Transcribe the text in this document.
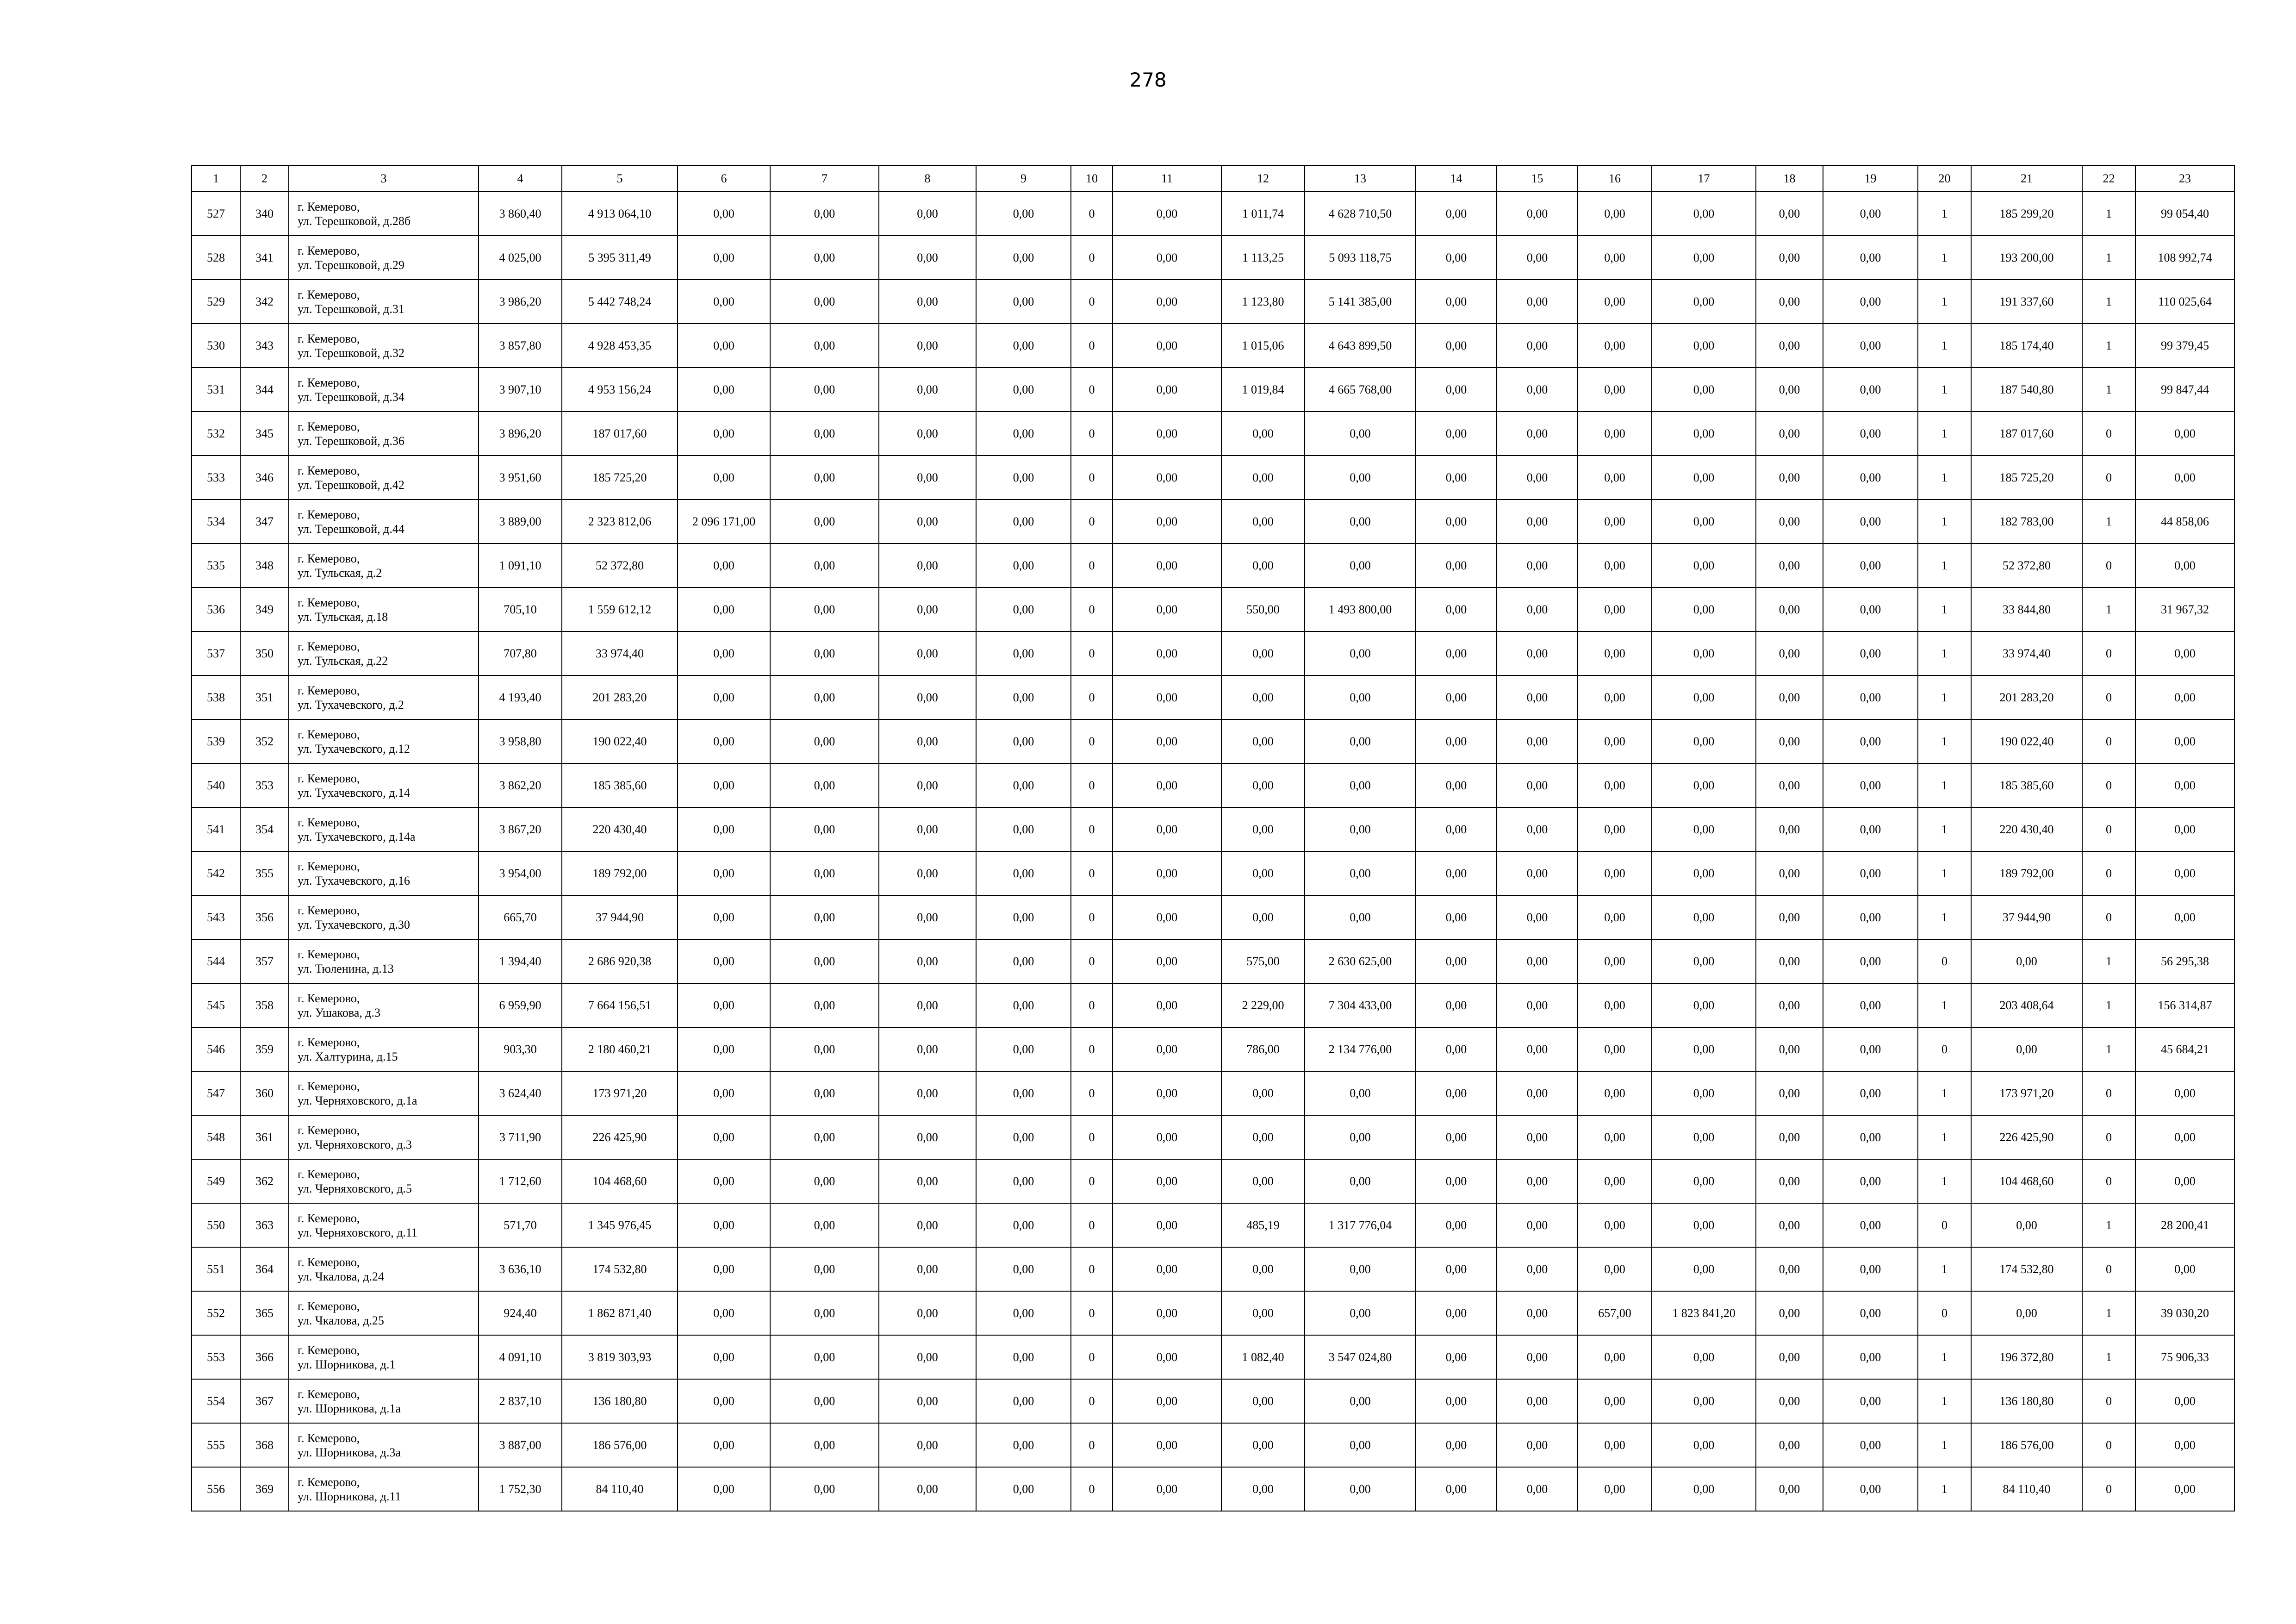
278
1	2	3	4	5	6	7	8	9	10	11	12	13	14	15	16	17	18	19	20	21	22	23
527	340	г. Кемерово,
ул. Терешковой, д.28б	3 860,40	4 913 064,10	0,00	0,00	0,00	0,00	0	0,00	1 011,74	4 628 710,50	0,00	0,00	0,00	0,00	0,00	0,00	1	185 299,20	1	99 054,40
528	341	г. Кемерово,
ул. Терешковой, д.29	4 025,00	5 395 311,49	0,00	0,00	0,00	0,00	0	0,00	1 113,25	5 093 118,75	0,00	0,00	0,00	0,00	0,00	0,00	1	193 200,00	1	108 992,74
529	342	г. Кемерово,
ул. Терешковой, д.31	3 986,20	5 442 748,24	0,00	0,00	0,00	0,00	0	0,00	1 123,80	5 141 385,00	0,00	0,00	0,00	0,00	0,00	0,00	1	191 337,60	1	110 025,64
530	343	г. Кемерово,
ул. Терешковой, д.32	3 857,80	4 928 453,35	0,00	0,00	0,00	0,00	0	0,00	1 015,06	4 643 899,50	0,00	0,00	0,00	0,00	0,00	0,00	1	185 174,40	1	99 379,45
531	344	г. Кемерово,
ул. Терешковой, д.34	3 907,10	4 953 156,24	0,00	0,00	0,00	0,00	0	0,00	1 019,84	4 665 768,00	0,00	0,00	0,00	0,00	0,00	0,00	1	187 540,80	1	99 847,44
532	345	г. Кемерово,
ул. Терешковой, д.36	3 896,20	187 017,60	0,00	0,00	0,00	0,00	0	0,00	0,00	0,00	0,00	0,00	0,00	0,00	0,00	0,00	1	187 017,60	0	0,00
533	346	г. Кемерово,
ул. Терешковой, д.42	3 951,60	185 725,20	0,00	0,00	0,00	0,00	0	0,00	0,00	0,00	0,00	0,00	0,00	0,00	0,00	0,00	1	185 725,20	0	0,00
534	347	г. Кемерово,
ул. Терешковой, д.44	3 889,00	2 323 812,06	2 096 171,00	0,00	0,00	0,00	0	0,00	0,00	0,00	0,00	0,00	0,00	0,00	0,00	0,00	1	182 783,00	1	44 858,06
535	348	г. Кемерово,
ул. Тульская, д.2	1 091,10	52 372,80	0,00	0,00	0,00	0,00	0	0,00	0,00	0,00	0,00	0,00	0,00	0,00	0,00	0,00	1	52 372,80	0	0,00
536	349	г. Кемерово,
ул. Тульская, д.18	705,10	1 559 612,12	0,00	0,00	0,00	0,00	0	0,00	550,00	1 493 800,00	0,00	0,00	0,00	0,00	0,00	0,00	1	33 844,80	1	31 967,32
537	350	г. Кемерово,
ул. Тульская, д.22	707,80	33 974,40	0,00	0,00	0,00	0,00	0	0,00	0,00	0,00	0,00	0,00	0,00	0,00	0,00	0,00	1	33 974,40	0	0,00
538	351	г. Кемерово,
ул. Тухачевского, д.2	4 193,40	201 283,20	0,00	0,00	0,00	0,00	0	0,00	0,00	0,00	0,00	0,00	0,00	0,00	0,00	0,00	1	201 283,20	0	0,00
539	352	г. Кемерово,
ул. Тухачевского, д.12	3 958,80	190 022,40	0,00	0,00	0,00	0,00	0	0,00	0,00	0,00	0,00	0,00	0,00	0,00	0,00	0,00	1	190 022,40	0	0,00
540	353	г. Кемерово,
ул. Тухачевского, д.14	3 862,20	185 385,60	0,00	0,00	0,00	0,00	0	0,00	0,00	0,00	0,00	0,00	0,00	0,00	0,00	0,00	1	185 385,60	0	0,00
541	354	г. Кемерово,
ул. Тухачевского, д.14а	3 867,20	220 430,40	0,00	0,00	0,00	0,00	0	0,00	0,00	0,00	0,00	0,00	0,00	0,00	0,00	0,00	1	220 430,40	0	0,00
542	355	г. Кемерово,
ул. Тухачевского, д.16	3 954,00	189 792,00	0,00	0,00	0,00	0,00	0	0,00	0,00	0,00	0,00	0,00	0,00	0,00	0,00	0,00	1	189 792,00	0	0,00
543	356	г. Кемерово,
ул. Тухачевского, д.30	665,70	37 944,90	0,00	0,00	0,00	0,00	0	0,00	0,00	0,00	0,00	0,00	0,00	0,00	0,00	0,00	1	37 944,90	0	0,00
544	357	г. Кемерово,
ул. Тюленина, д.13	1 394,40	2 686 920,38	0,00	0,00	0,00	0,00	0	0,00	575,00	2 630 625,00	0,00	0,00	0,00	0,00	0,00	0,00	0	0,00	1	56 295,38
545	358	г. Кемерово,
ул. Ушакова, д.3	6 959,90	7 664 156,51	0,00	0,00	0,00	0,00	0	0,00	2 229,00	7 304 433,00	0,00	0,00	0,00	0,00	0,00	0,00	1	203 408,64	1	156 314,87
546	359	г. Кемерово,
ул. Халтурина, д.15	903,30	2 180 460,21	0,00	0,00	0,00	0,00	0	0,00	786,00	2 134 776,00	0,00	0,00	0,00	0,00	0,00	0,00	0	0,00	1	45 684,21
547	360	г. Кемерово,
ул. Черняховского, д.1а	3 624,40	173 971,20	0,00	0,00	0,00	0,00	0	0,00	0,00	0,00	0,00	0,00	0,00	0,00	0,00	0,00	1	173 971,20	0	0,00
548	361	г. Кемерово,
ул. Черняховского, д.3	3 711,90	226 425,90	0,00	0,00	0,00	0,00	0	0,00	0,00	0,00	0,00	0,00	0,00	0,00	0,00	0,00	1	226 425,90	0	0,00
549	362	г. Кемерово,
ул. Черняховского, д.5	1 712,60	104 468,60	0,00	0,00	0,00	0,00	0	0,00	0,00	0,00	0,00	0,00	0,00	0,00	0,00	0,00	1	104 468,60	0	0,00
550	363	г. Кемерово,
ул. Черняховского, д.11	571,70	1 345 976,45	0,00	0,00	0,00	0,00	0	0,00	485,19	1 317 776,04	0,00	0,00	0,00	0,00	0,00	0,00	0	0,00	1	28 200,41
551	364	г. Кемерово,
ул. Чкалова, д.24	3 636,10	174 532,80	0,00	0,00	0,00	0,00	0	0,00	0,00	0,00	0,00	0,00	0,00	0,00	0,00	0,00	1	174 532,80	0	0,00
552	365	г. Кемерово,
ул. Чкалова, д.25	924,40	1 862 871,40	0,00	0,00	0,00	0,00	0	0,00	0,00	0,00	0,00	0,00	657,00	1 823 841,20	0,00	0,00	0	0,00	1	39 030,20
553	366	г. Кемерово,
ул. Шорникова, д.1	4 091,10	3 819 303,93	0,00	0,00	0,00	0,00	0	0,00	1 082,40	3 547 024,80	0,00	0,00	0,00	0,00	0,00	0,00	1	196 372,80	1	75 906,33
554	367	г. Кемерово,
ул. Шорникова, д.1а	2 837,10	136 180,80	0,00	0,00	0,00	0,00	0	0,00	0,00	0,00	0,00	0,00	0,00	0,00	0,00	0,00	1	136 180,80	0	0,00
555	368	г. Кемерово,
ул. Шорникова, д.3а	3 887,00	186 576,00	0,00	0,00	0,00	0,00	0	0,00	0,00	0,00	0,00	0,00	0,00	0,00	0,00	0,00	1	186 576,00	0	0,00
556	369	г. Кемерово,
ул. Шорникова, д.11	1 752,30	84 110,40	0,00	0,00	0,00	0,00	0	0,00	0,00	0,00	0,00	0,00	0,00	0,00	0,00	0,00	1	84 110,40	0	0,00
